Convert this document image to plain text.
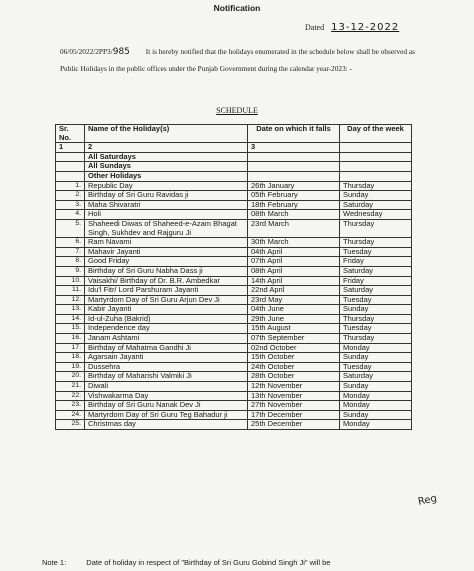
Notification
Dated 13-12-2022
06/05/2022/2PP3/985 It is hereby notified that the holidays enumerated in the schedule below shall be observed as Public Holidays in the public offices under the Punjab Government during the calendar year-2023: -
SCHEDULE
Sr. No.	Name of the Holiday(s)	Date on which it falls	Day of the week
1	2	3	
	All Saturdays		
	All Sundays		
	Other Holidays		
1.	Republic Day	26th January	Thursday
2.	Birthday of Sri Guru Ravidas ji	05th February	Sunday
3.	Maha Shivaratri	18th February	Saturday
4.	Holi	08th March	Wednesday
5.	Shaheedi Diwas of Shaheed-e-Azam Bhagat Singh, Sukhdev and Rajguru Ji	23rd March	Thursday
6.	Ram Navami	30th March	Thursday
7.	Mahavir Jayanti	04th April	Tuesday
8.	Good Friday	07th April	Friday
9.	Birthday of Sri Guru Nabha Dass ji	08th April	Saturday
10.	Vaisakhi/ Birthday of Dr. B.R. Ambedkar	14th April	Friday
11.	Idu'l Fitr/ Lord Parshuram Jayanti	22nd April	Saturday
12.	Martyrdom Day of Sri Guru Arjun Dev Ji	23rd May	Tuesday
13.	Kabir Jayanti	04th June	Sunday
14.	Id-ul-Zuha (Bakrid)	29th June	Thursday
15.	Independence day	15th August	Tuesday
16.	Janam Ashtami	07th September	Thursday
17.	Birthday of Mahatma Gandhi Ji	02nd October	Monday
18.	Agarsain Jayanti	15th October	Sunday
19.	Dussehra	24th October	Tuesday
20.	Birthday of Maharishi Valmiki Ji	28th October	Saturday
21.	Diwali	12th November	Sunday
22.	Vishwakarma Day	13th November	Monday
23.	Birthday of Sri Guru Nanak Dev Ji	27th November	Monday
24.	Martyrdom Day of Sri Guru Teg Bahadur ji	17th December	Sunday
25.	Christmas day	25th December	Monday
Reg
Note 1:	Date of holiday in respect of "Birthday of Sri Guru Gobind Singh Ji" will be
